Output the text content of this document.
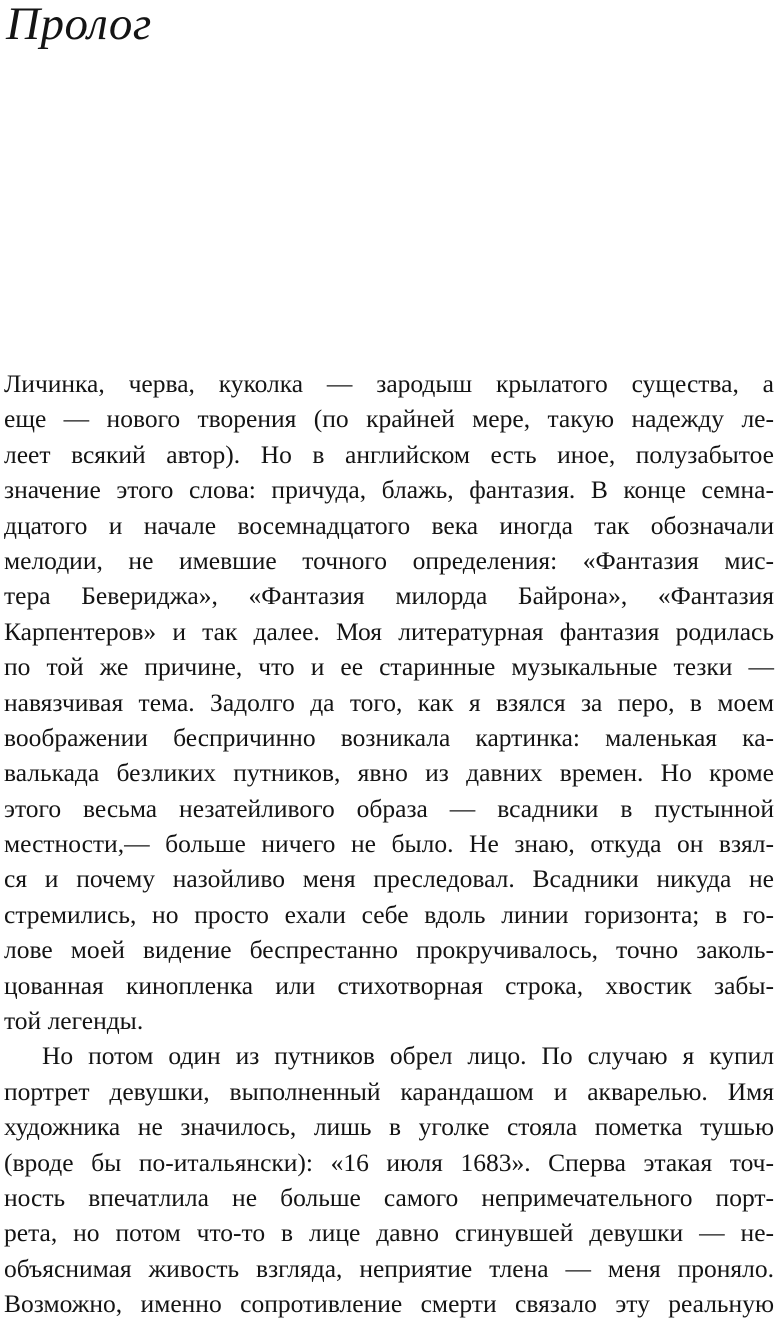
Пролог
Личинка, черва, куколка — зародыш крылатого существа, а
еще — нового творения (по крайней мере, такую надежду ле-
леет всякий автор). Но в английском есть иное, полузабытое
значение этого слова: причуда, блажь, фантазия. В конце семна-
дцатого и начале восемнадцатого века иногда так обозначали
мелодии, не имевшие точного определения: «Фантазия мис-
тера Бевериджа», «Фантазия милорда Байрона», «Фантазия
Карпентеров» и так далее. Моя литературная фантазия родилась
по той же причине, что и ее старинные музыкальные тезки —
навязчивая тема. Задолго да того, как я взялся за перо, в моем
воображении беспричинно возникала картинка: маленькая ка-
валькада безликих путников, явно из давних времен. Но кроме
этого весьма незатейливого образа — всадники в пустынной
местности,— больше ничего не было. Не знаю, откуда он взял-
ся и почему назойливо меня преследовал. Всадники никуда не
стремились, но просто ехали себе вдоль линии горизонта; в го-
лове моей видение беспрестанно прокручивалось, точно заколь-
цованная кинопленка или стихотворная строка, хвостик забы-
той легенды.
Но потом один из путников обрел лицо. По случаю я купил
портрет девушки, выполненный карандашом и акварелью. Имя
художника не значилось, лишь в уголке стояла пометка тушью
(вроде бы по-итальянски): «16 июля 1683». Сперва этакая точ-
ность впечатлила не больше самого непримечательного порт-
рета, но потом что-то в лице давно сгинувшей девушки — не-
объяснимая живость взгляда, неприятие тлена — меня проняло.
Возможно, именно сопротивление смерти связало эту реальную
